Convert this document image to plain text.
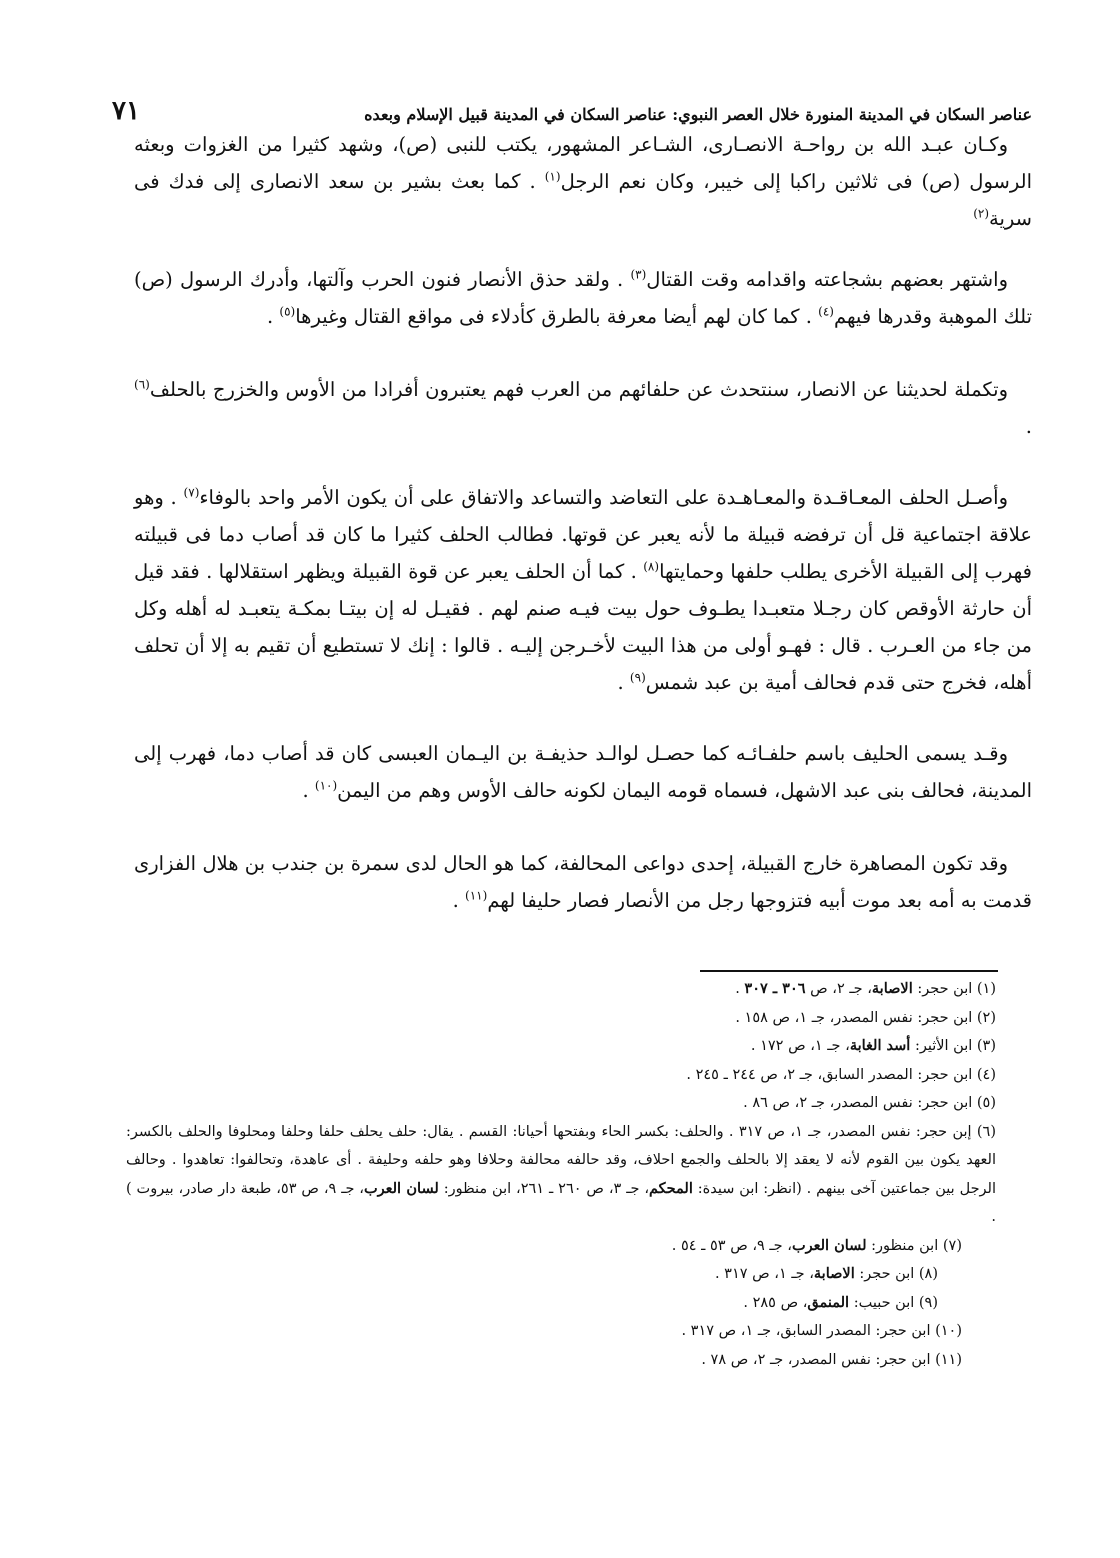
عناصر السكان في المدينة المنورة خلال العصر النبوي: عناصر السكان في المدينة قبيل الإسلام وبعده
٧١

وكـان عبـد الله بن رواحـة الانصـارى، الشـاعر المشهور، يكتب للنبى (ص)، وشهد كثيرا من الغزوات وبعثه الرسول (ص) فى ثلاثين راكبا إلى خيبر، وكان نعم الرجل$^{(١)}$ . كما بعث بشير بن سعد الانصارى إلى فدك فى سرية$^{(٢)}$

واشتهر بعضهم بشجاعته واقدامه وقت القتال$^{(٣)}$ . ولقد حذق الأنصار فنون الحرب وآلتها، وأدرك الرسول (ص) تلك الموهبة وقدرها فيهم$^{(٤)}$ . كما كان لهم أيضا معرفة بالطرق كأدلاء فى مواقع القتال وغيرها$^{(٥)}$ .

وتكملة لحديثنا عن الانصار، سنتحدث عن حلفائهم من العرب فهم يعتبرون أفرادا من الأوس والخزرج بالحلف$^{(٦)}$ .

وأصـل الحلف المعـاقـدة والمعـاهـدة على التعاضد والتساعد والاتفاق على أن يكون الأمر واحد بالوفاء$^{(٧)}$ . وهو علاقة اجتماعية قل أن ترفضه قبيلة ما لأنه يعبر عن قوتها. فطالب الحلف كثيرا ما كان قد أصاب دما فى قبيلته فهرب إلى القبيلة الأخرى يطلب حلفها وحمايتها$^{(٨)}$ . كما أن الحلف يعبر عن قوة القبيلة ويظهر استقلالها . فقد قيل أن حارثة الأوقص كان رجـلا متعبـدا يطـوف حول بيت فيـه صنم لهم . فقيـل له إن بيتـا بمكـة يتعبـد له أهله وكل من جاء من العـرب . قال : فهـو أولى من هذا البيت لأخـرجن إليـه . قالوا : إنك لا تستطيع أن تقيم به إلا أن تحلف أهله، فخرج حتى قدم فحالف أمية بن عبد شمس$^{(٩)}$ .

وقـد يسمى الحليف باسم حلفـائـه كما حصـل لوالـد حذيفـة بن اليـمان العبسى كان قد أصاب دما، فهرب إلى المدينة، فحالف بنى عبد الاشهل، فسماه قومه اليمان لكونه حالف الأوس وهم من اليمن$^{(١٠)}$ .

وقد تكون المصاهرة خارج القبيلة، إحدى دواعى المحالفة، كما هو الحال لدى سمرة بن جندب بن هلال الفزارى قدمت به أمه بعد موت أبيه فتزوجها رجل من الأنصار فصار حليفا لهم$^{(١١)}$ .

(١) ابن حجر: الاصابة، جـ ٢، ص ٣٠٦ ـ ٣٠٧ .
(٢) ابن حجر: نفس المصدر، جـ ١، ص ١٥٨ .
(٣) ابن الأثير: أسد الغابة، جـ ١، ص ١٧٢ .
(٤) ابن حجر: المصدر السابق، جـ ٢، ص ٢٤٤ ـ ٢٤٥ .
(٥) ابن حجر: نفس المصدر، جـ ٢، ص ٨٦ .
(٦) إبن حجر: نفس المصدر، جـ ١، ص ٣١٧ . والحلف: بكسر الحاء وبفتحها أحيانا: القسم . يقال: حلف يحلف حلفا وحلفا ومحلوفا والحلف بالكسر: العهد يكون بين القوم لأنه لا يعقد إلا بالحلف والجمع احلاف، وقد حالفه محالفة وحلافا وهو حلفه وحليفة . أى عاهدة، وتحالفوا: تعاهدوا . وحالف الرجل بين جماعتين آخى بينهم . (انظر: ابن سيدة: المحكم، جـ ٣، ص ٢٦٠ ـ ٢٦١، ابن منظور: لسان العرب، جـ ٩، ص ٥٣، طبعة دار صادر، بيروت ) .
(٧) ابن منظور: لسان العرب، جـ ٩، ص ٥٣ ـ ٥٤ .
(٨) ابن حجر: الاصابة، جـ ١، ص ٣١٧ .
(٩) ابن حبيب: المنمق، ص ٢٨٥ .
(١٠) ابن حجر: المصدر السابق، جـ ١، ص ٣١٧ .
(١١) ابن حجر: نفس المصدر، جـ ٢، ص ٧٨ .
